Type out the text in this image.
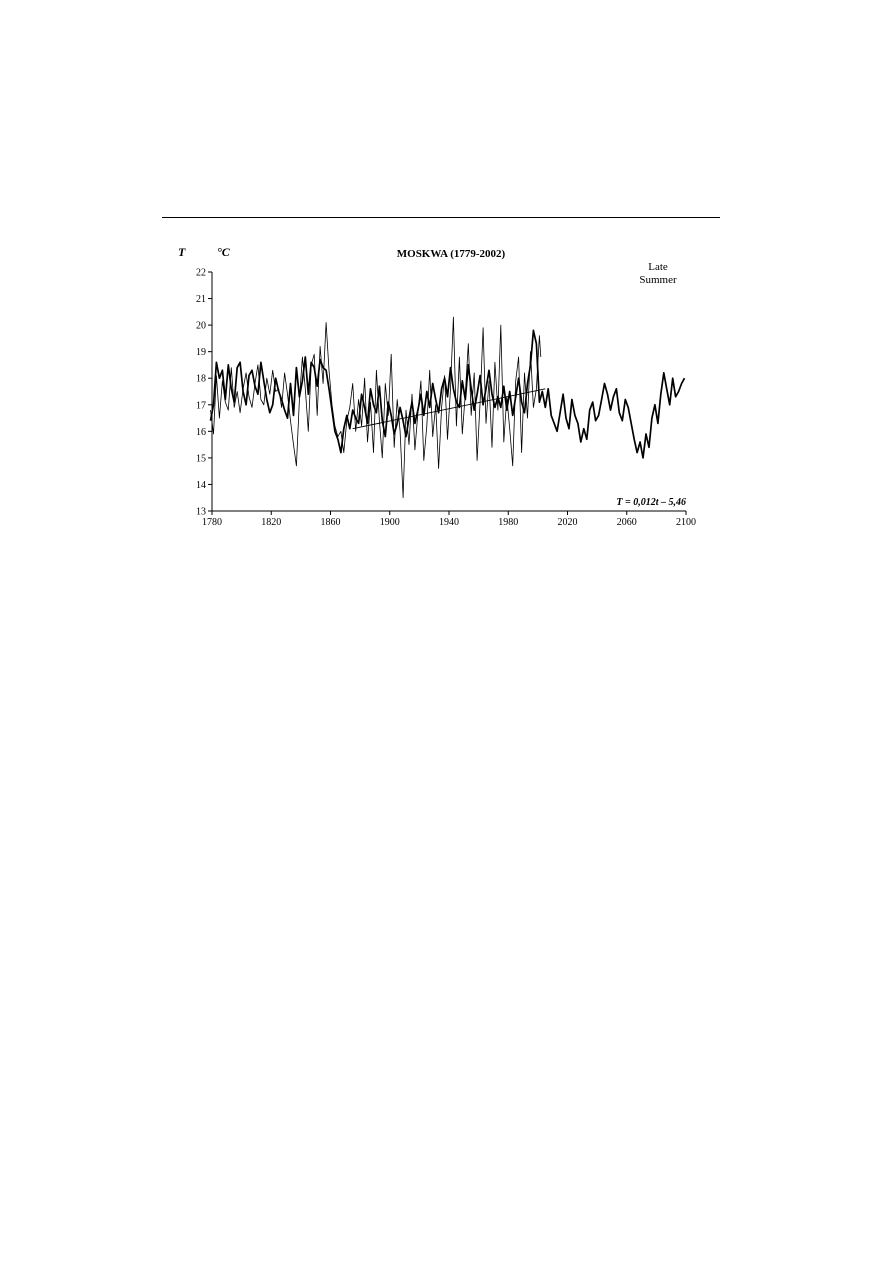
T	°C	MOSKWA (1779-2002)
Late
Summer
T = 0,012t – 5,46
13
14
15
16
17
18
19
20
21
22
1780	1820	1860	1900	1940	1980	2020	2060	2100
